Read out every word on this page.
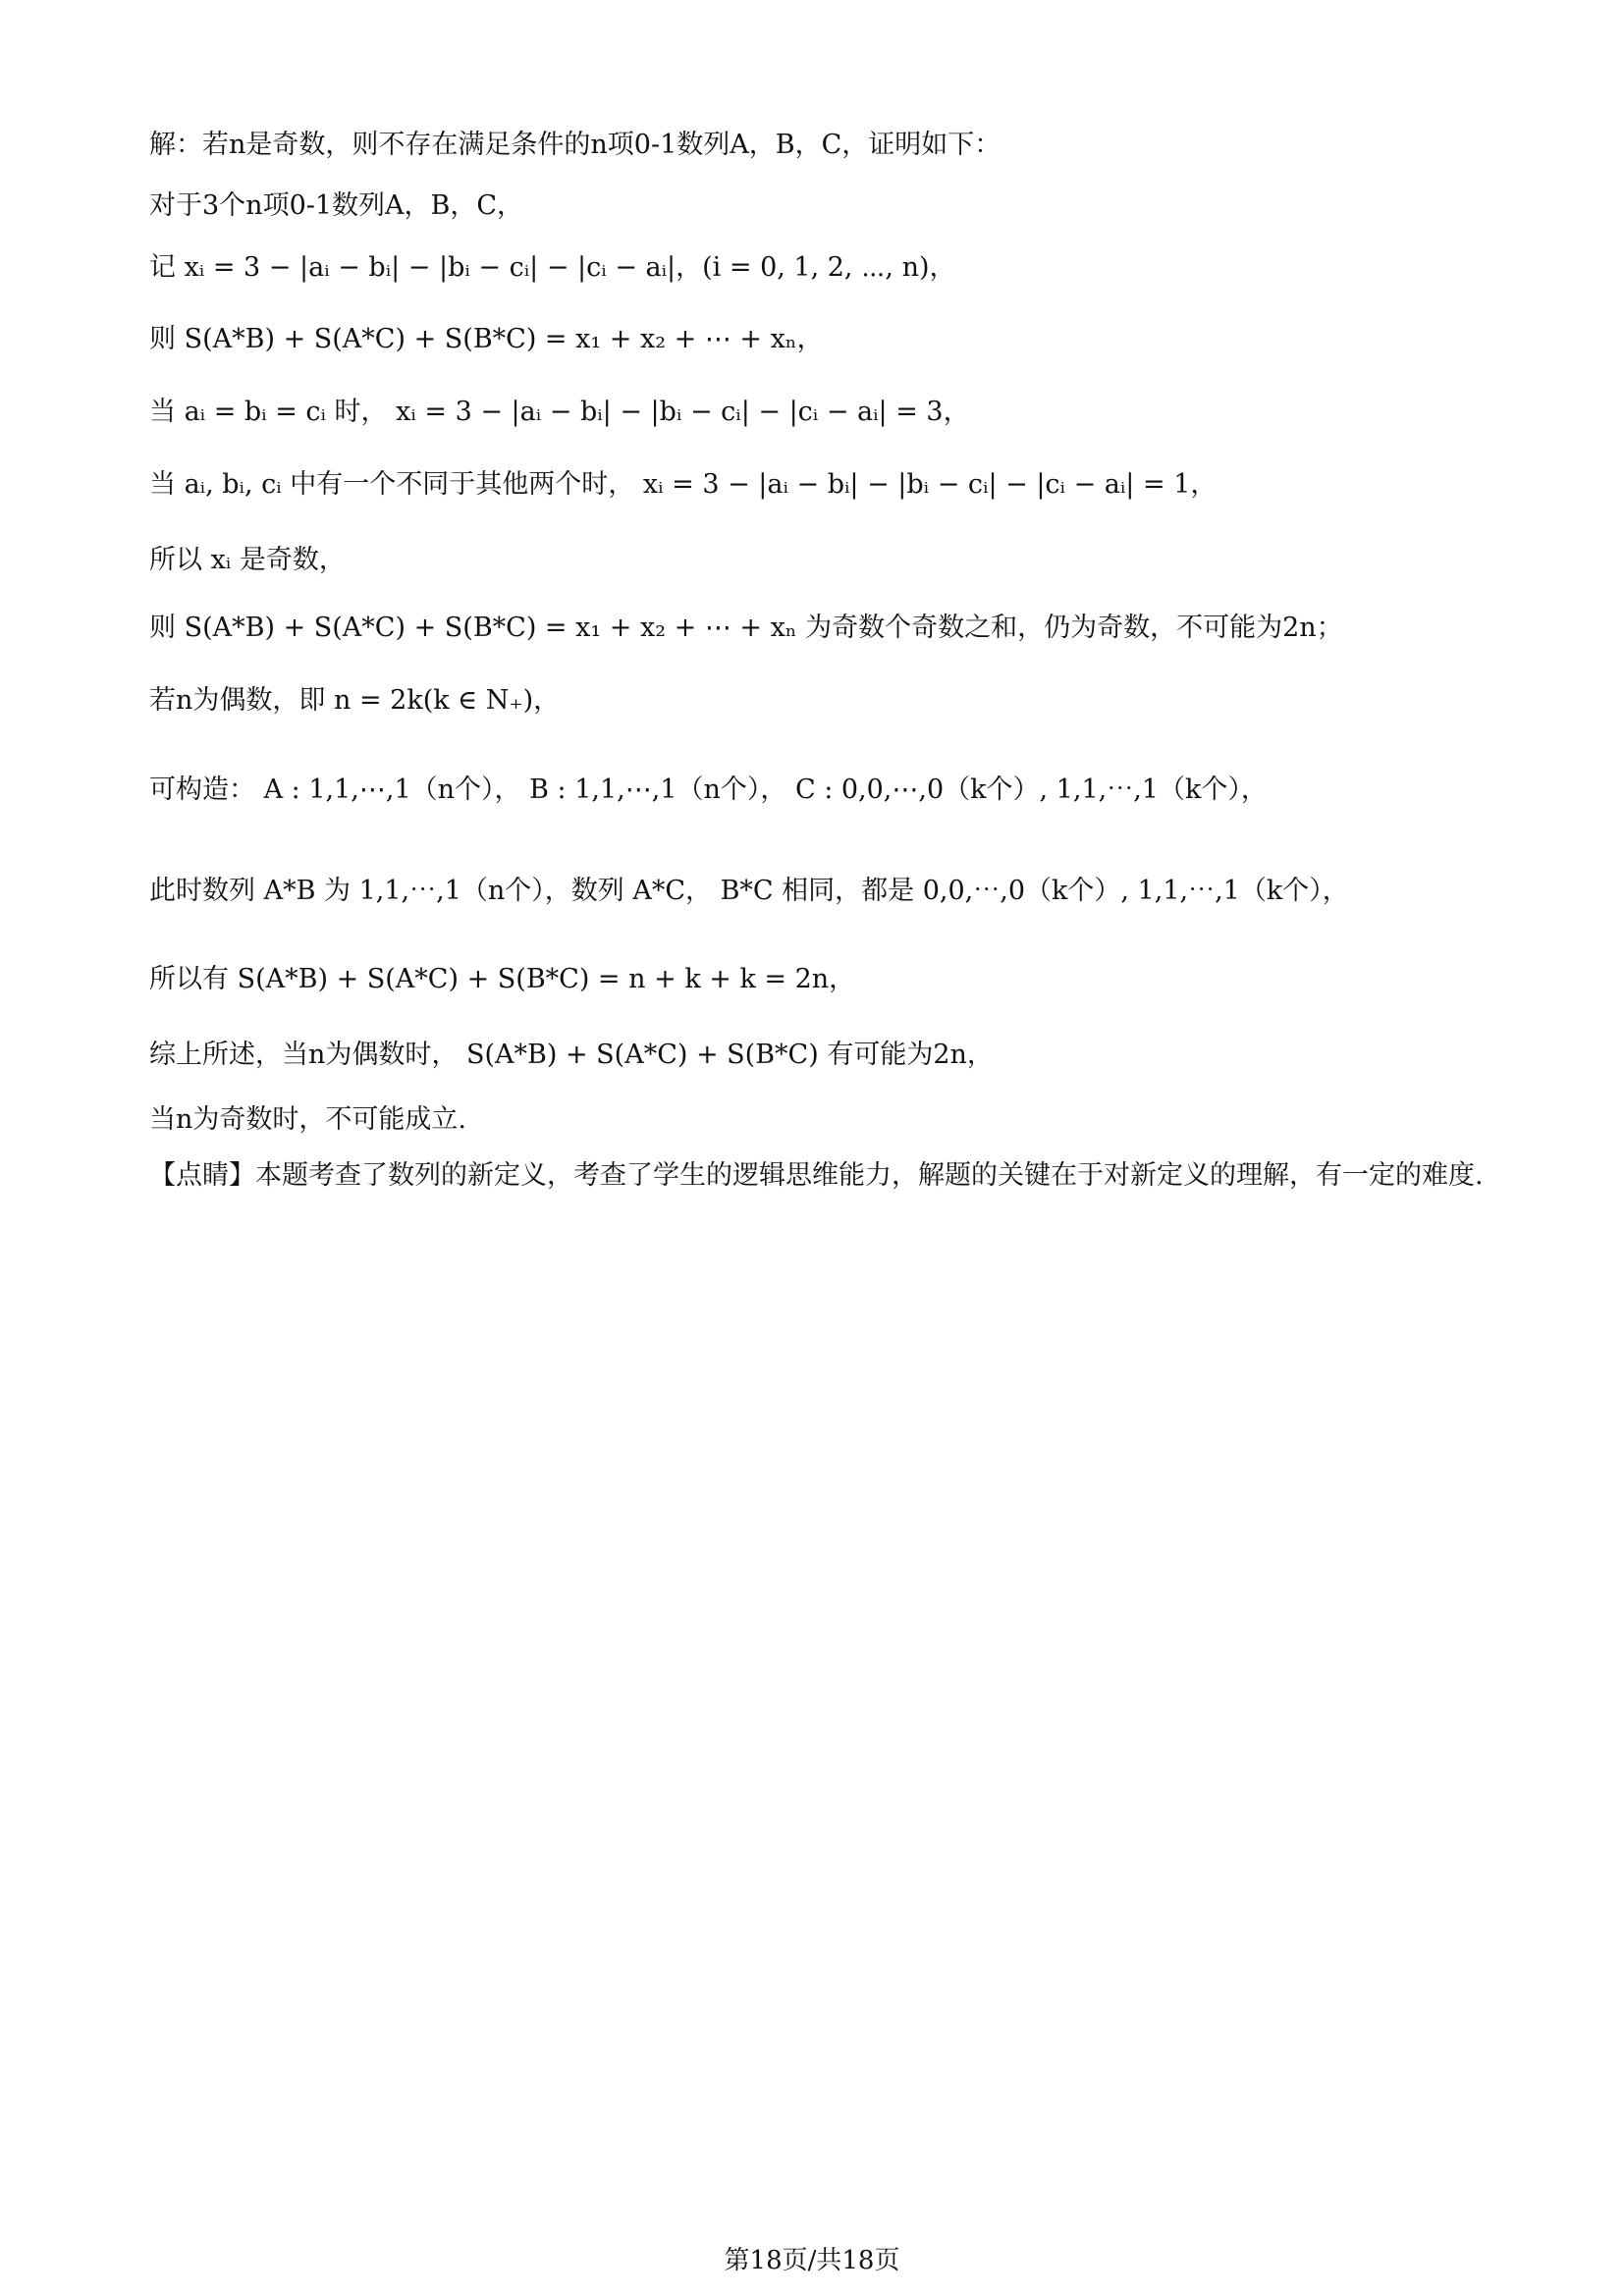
解：若n是奇数，则不存在满足条件的n项0-1数列A，B，C，证明如下：
对于3个n项0-1数列A，B，C，
记 xᵢ = 3 − |aᵢ − bᵢ| − |bᵢ − cᵢ| − |cᵢ − aᵢ|，(i = 0, 1, 2, ⋯, n)，
则 S(A*B) + S(A*C) + S(B*C) = x₁ + x₂ + ⋯ + xₙ，
当 aᵢ = bᵢ = cᵢ 时， xᵢ = 3 − |aᵢ − bᵢ| − |bᵢ − cᵢ| − |cᵢ − aᵢ| = 3，
当 aᵢ, bᵢ, cᵢ 中有一个不同于其他两个时， xᵢ = 3 − |aᵢ − bᵢ| − |bᵢ − cᵢ| − |cᵢ − aᵢ| = 1，
所以 xᵢ 是奇数，
则 S(A*B) + S(A*C) + S(B*C) = x₁ + x₂ + ⋯ + xₙ 为奇数个奇数之和，仍为奇数，不可能为2n；
若n为偶数，即 n = 2k(k ∈ N₊)，
可构造： A : 1,1,⋯,1（n个）， B : 1,1,⋯,1（n个）， C : 0,0,⋯,0（k个）, 1,1,⋯,1（k个），
此时数列 A*B 为 1,1,⋯,1（n个），数列 A*C， B*C 相同，都是 0,0,⋯,0（k个）, 1,1,⋯,1（k个），
所以有 S(A*B) + S(A*C) + S(B*C) = n + k + k = 2n，
综上所述，当n为偶数时， S(A*B) + S(A*C) + S(B*C) 有可能为2n，
当n为奇数时，不可能成立.
【点睛】本题考查了数列的新定义，考查了学生的逻辑思维能力，解题的关键在于对新定义的理解，有一定的难度.
第18页/共18页
